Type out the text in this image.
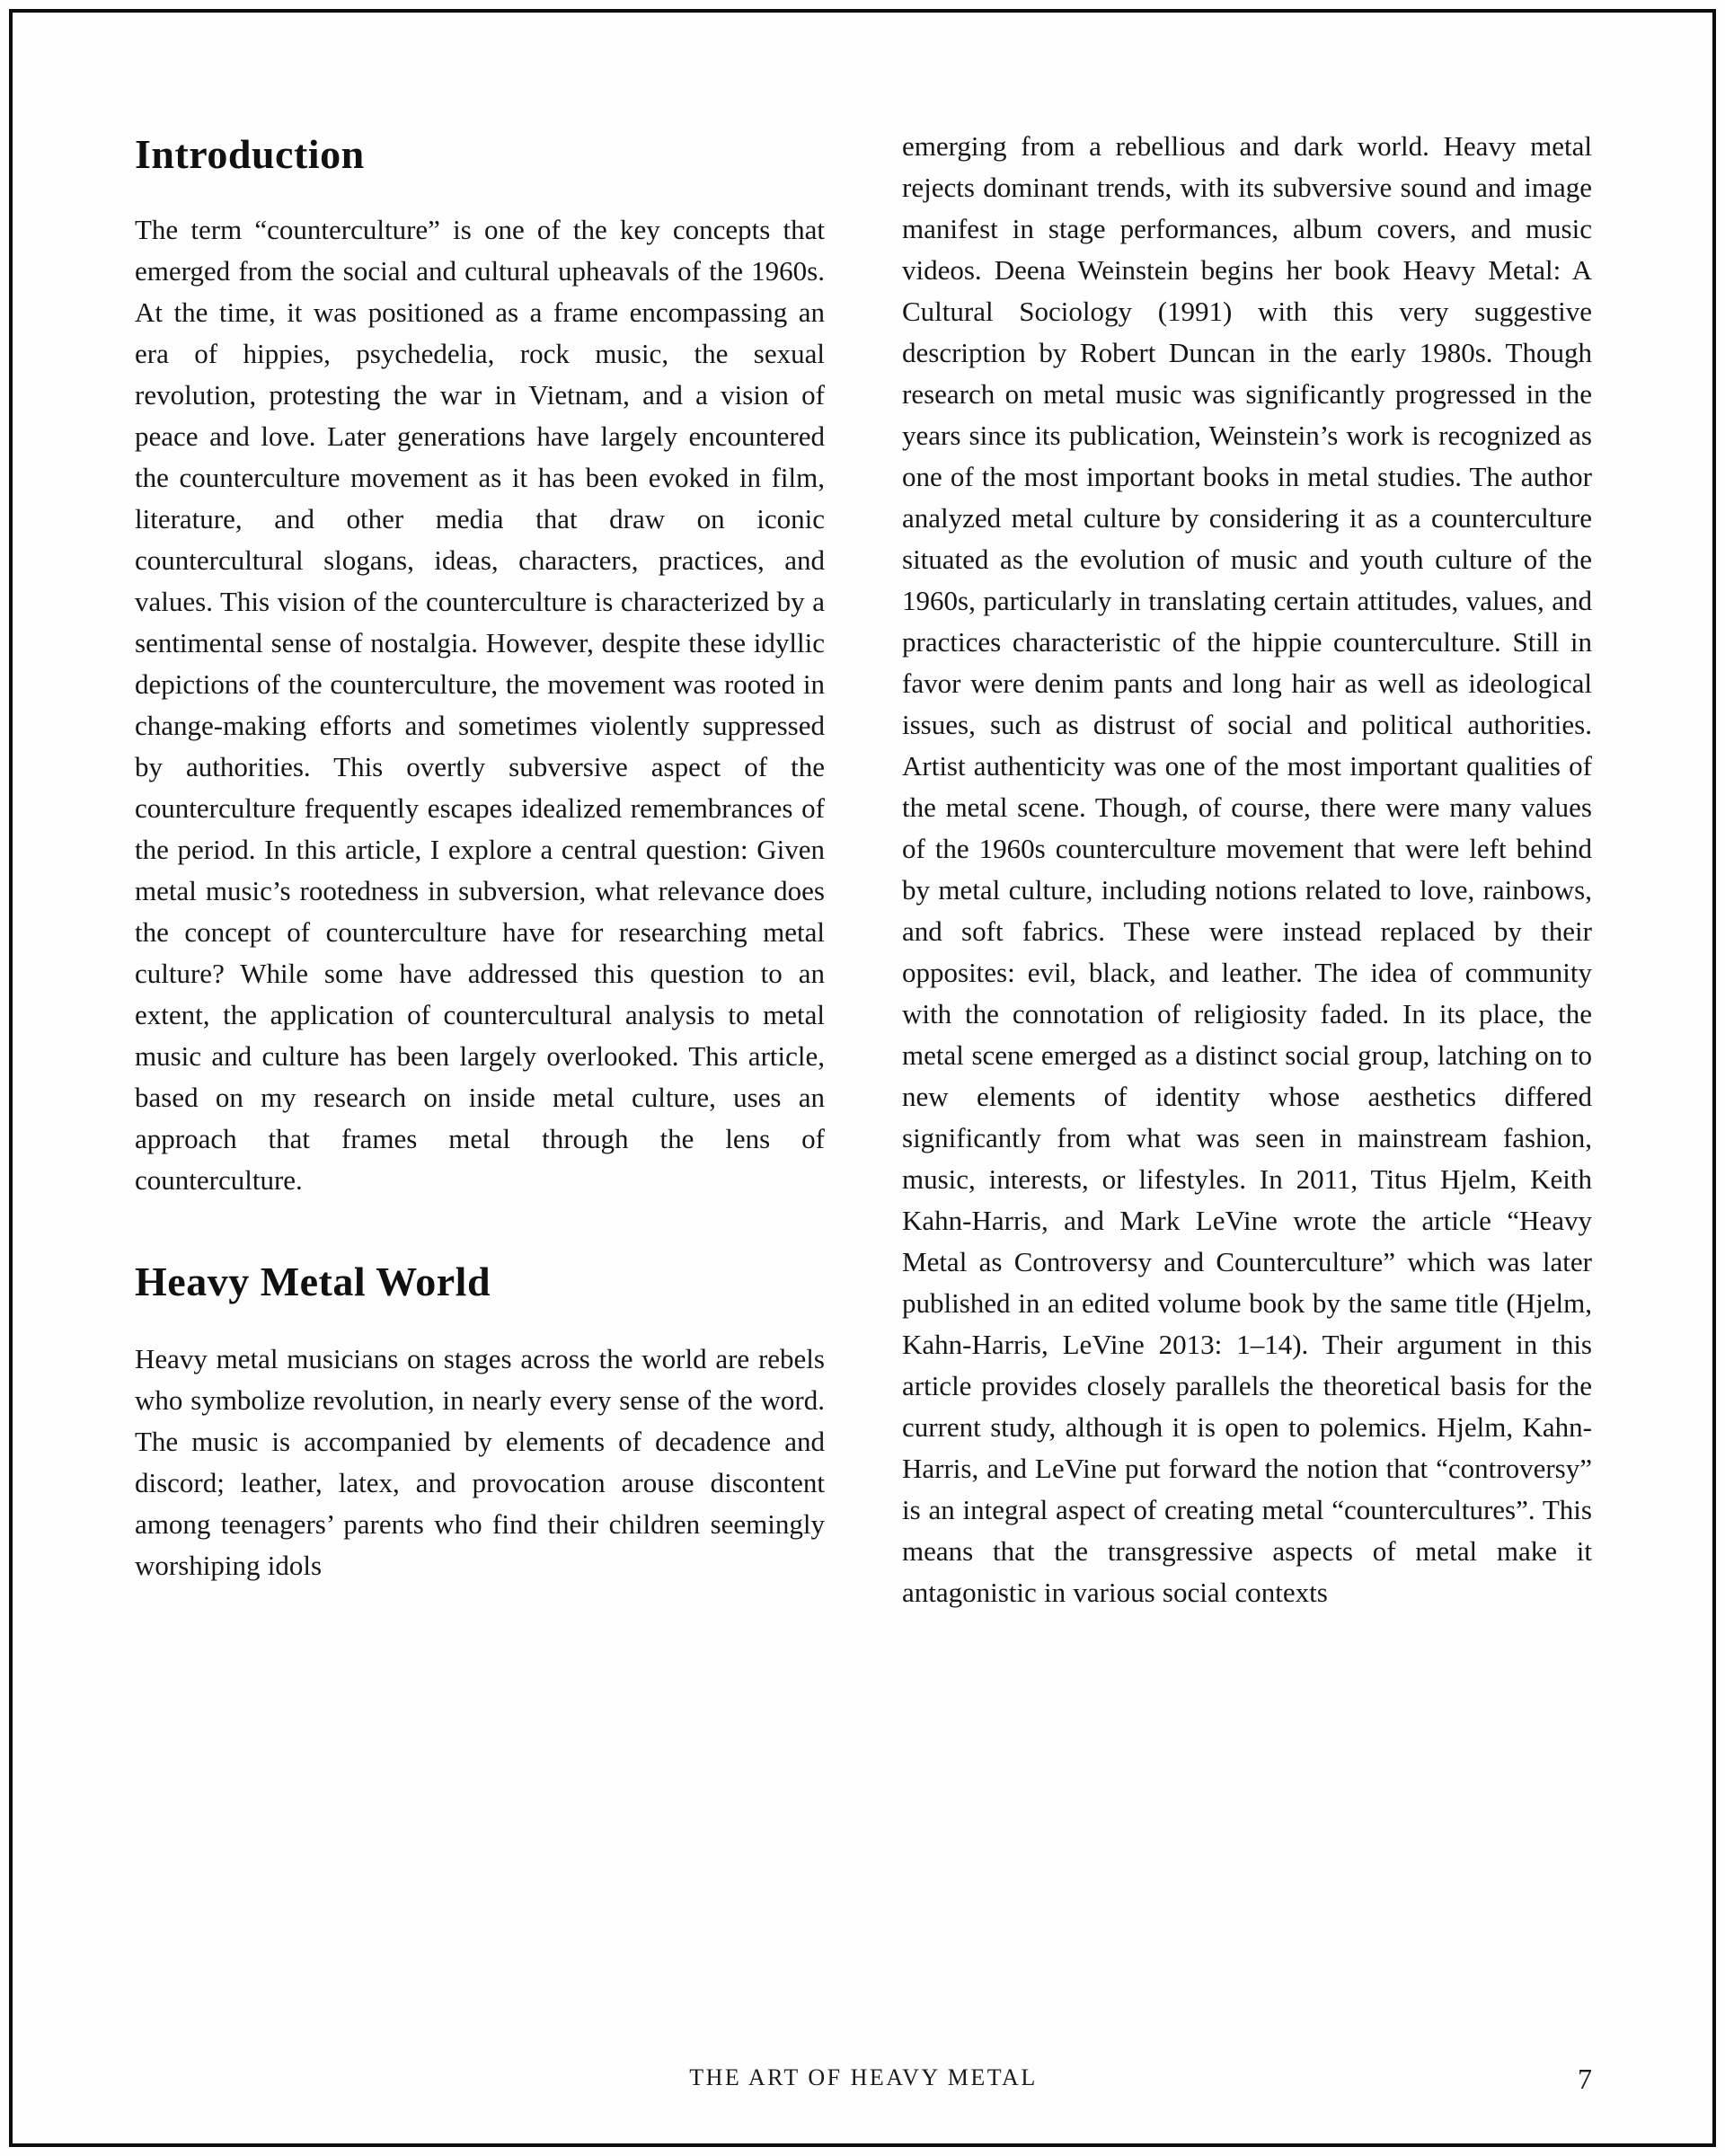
Introduction

The term “counterculture” is one of the key concepts that emerged from the social and cultural upheavals of the 1960s. At the time, it was positioned as a frame encompassing an era of hippies, psychedelia, rock music, the sexual revolution, protesting the war in Vietnam, and a vision of peace and love. Later generations have largely encountered the counterculture movement as it has been evoked in film, literature, and other media that draw on iconic countercultural slogans, ideas, characters, practices, and values. This vision of the counterculture is characterized by a sentimental sense of nostalgia. However, despite these idyllic depictions of the counterculture, the movement was rooted in change-making efforts and sometimes violently suppressed by authorities. This overtly subversive aspect of the counterculture frequently escapes idealized remembrances of the period. In this article, I explore a central question: Given metal music’s rootedness in subversion, what relevance does the concept of counterculture have for researching metal culture? While some have addressed this question to an extent, the application of countercultural analysis to metal music and culture has been largely overlooked. This article, based on my research on inside metal culture, uses an approach that frames metal through the lens of counterculture.

Heavy Metal World

Heavy metal musicians on stages across the world are rebels who symbolize revolution, in nearly every sense of the word. The music is accompanied by elements of decadence and discord; leather, latex, and provocation arouse discontent among teenagers’ parents who find their children seemingly worshiping idols

emerging from a rebellious and dark world. Heavy metal rejects dominant trends, with its subversive sound and image manifest in stage performances, album covers, and music videos. Deena Weinstein begins her book Heavy Metal: A Cultural Sociology (1991) with this very suggestive description by Robert Duncan in the early 1980s. Though research on metal music was significantly progressed in the years since its publication, Weinstein’s work is recognized as one of the most important books in metal studies. The author analyzed metal culture by considering it as a counterculture situated as the evolution of music and youth culture of the 1960s, particularly in translating certain attitudes, values, and practices characteristic of the hippie counterculture. Still in favor were denim pants and long hair as well as ideological issues, such as distrust of social and political authorities. Artist authenticity was one of the most important qualities of the metal scene. Though, of course, there were many values of the 1960s counterculture movement that were left behind by metal culture, including notions related to love, rainbows, and soft fabrics. These were instead replaced by their opposites: evil, black, and leather. The idea of community with the connotation of religiosity faded. In its place, the metal scene emerged as a distinct social group, latching on to new elements of identity whose aesthetics differed significantly from what was seen in mainstream fashion, music, interests, or lifestyles. In 2011, Titus Hjelm, Keith Kahn-Harris, and Mark LeVine wrote the article “Heavy Metal as Controversy and Counterculture” which was later published in an edited volume book by the same title (Hjelm, Kahn-Harris, LeVine 2013: 1–14). Their argument in this article provides closely parallels the theoretical basis for the current study, although it is open to polemics. Hjelm, Kahn-Harris, and LeVine put forward the notion that “controversy” is an integral aspect of creating metal “countercultures”. This means that the transgressive aspects of metal make it antagonistic in various social contexts

THE ART OF HEAVY METAL	7
